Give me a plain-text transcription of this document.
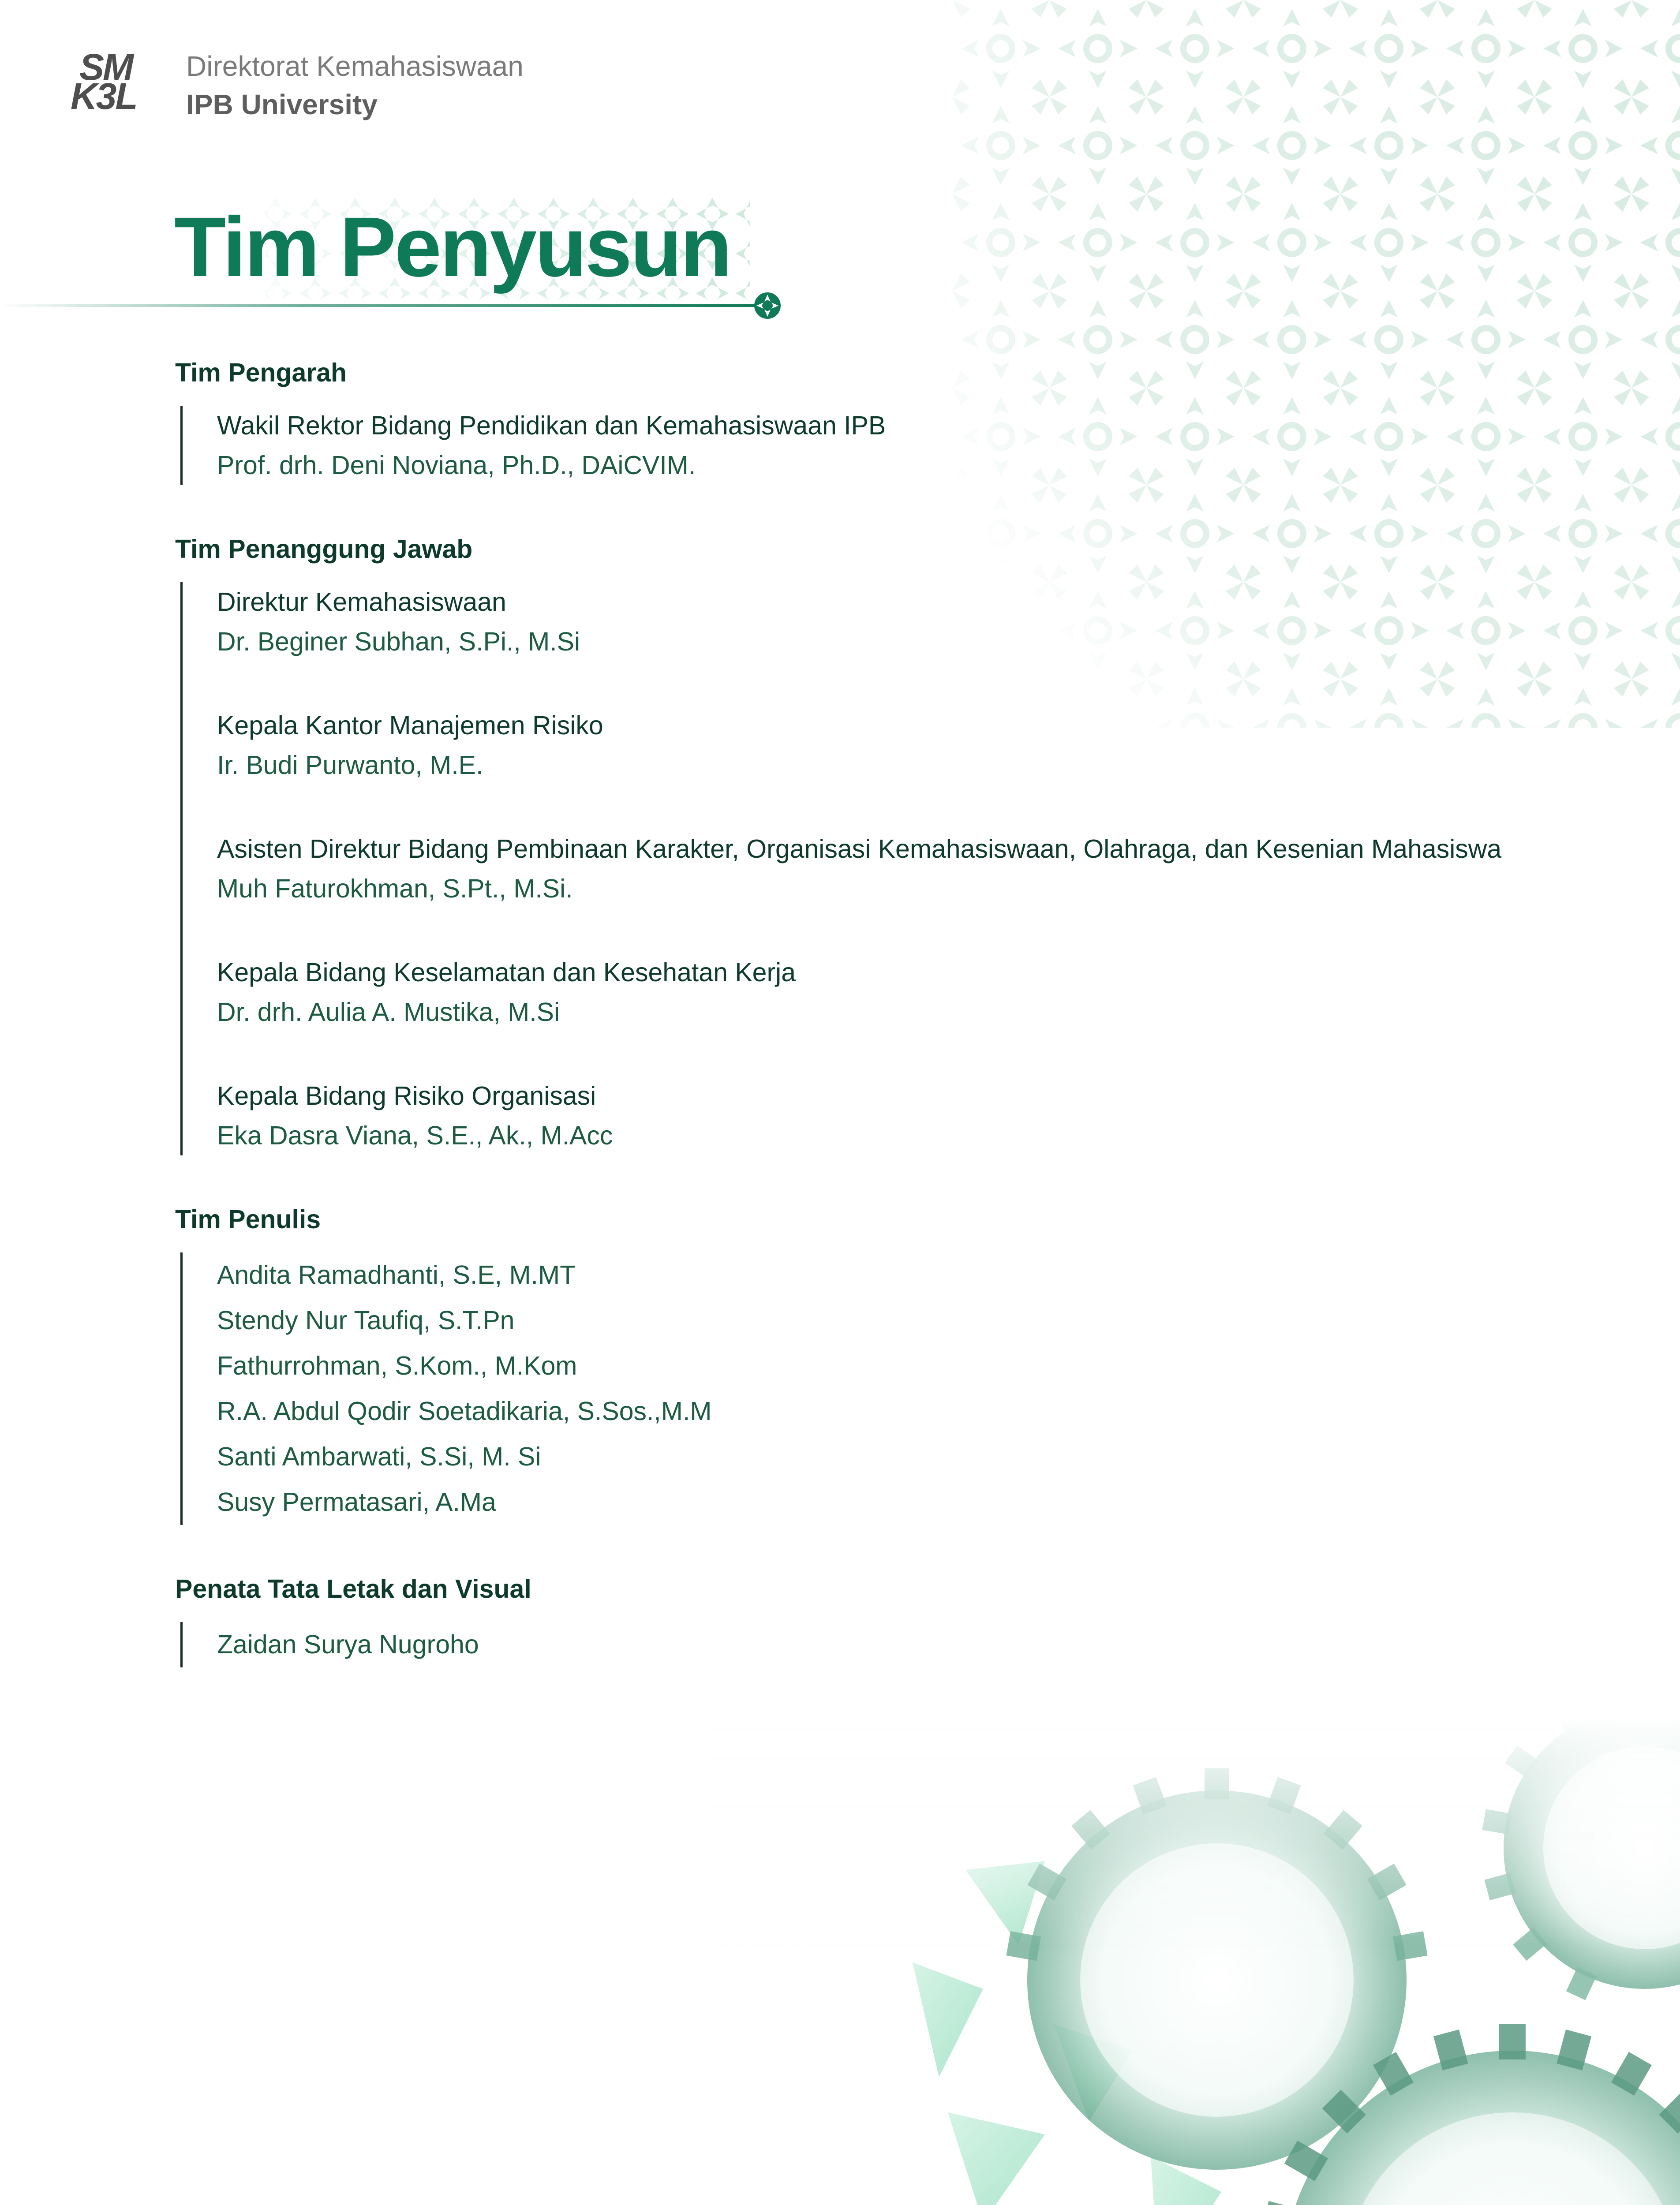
SM
K3L
Direktorat Kemahasiswaan
IPB University
Tim Penyusun
Tim Pengarah

Wakil Rektor Bidang Pendidikan dan Kemahasiswaan IPB

Prof. drh. Deni Noviana, Ph.D., DAiCVIM.

Tim Penanggung Jawab

Direktur Kemahasiswaan

Dr. Beginer Subhan, S.Pi., M.Si

Kepala Kantor Manajemen Risiko

Ir. Budi Purwanto, M.E.

Asisten Direktur Bidang Pembinaan Karakter, Organisasi Kemahasiswaan, Olahraga, dan Kesenian Mahasiswa

Muh Faturokhman, S.Pt., M.Si.

Kepala Bidang Keselamatan dan Kesehatan Kerja

Dr. drh. Aulia A. Mustika, M.Si

Kepala Bidang Risiko Organisasi

Eka Dasra Viana, S.E., Ak., M.Acc

Tim Penulis

Andita Ramadhanti, S.E, M.MT

Stendy Nur Taufiq, S.T.Pn

Fathurrohman, S.Kom., M.Kom

R.A. Abdul Qodir Soetadikaria, S.Sos.,M.M

Santi Ambarwati, S.Si, M. Si

Susy Permatasari, A.Ma

Penata Tata Letak dan Visual

Zaidan Surya Nugroho
